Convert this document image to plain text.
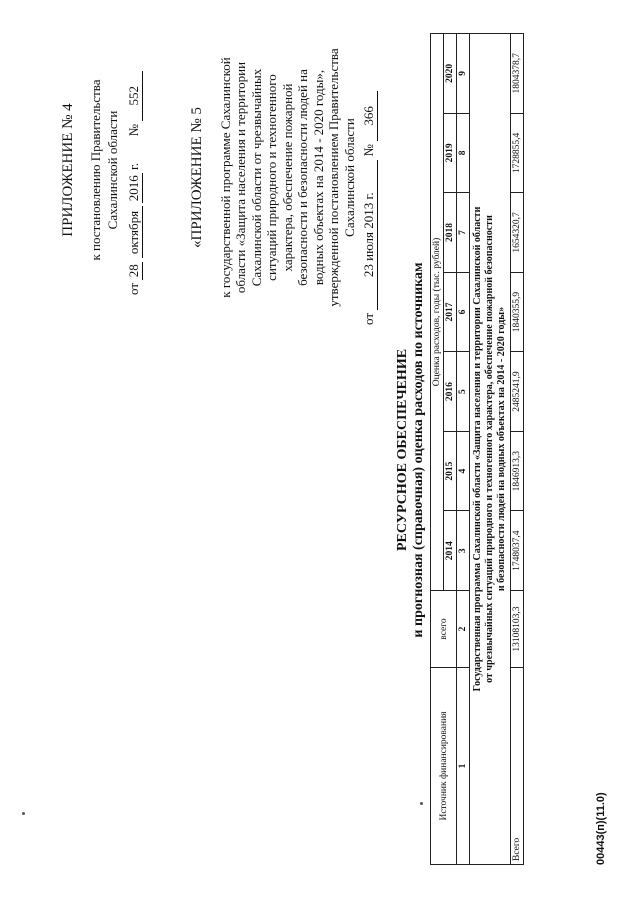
ПРИЛОЖЕНИЕ № 4 к постановлению Правительства Сахалинской области
от 28 октября 2016 г.  № 552
«ПРИЛОЖЕНИЕ № 5 к государственной программе Сахалинской области «Защита населения и территории Сахалинской области от чрезвычайных ситуаций природного и техногенного характера, обеспечение пожарной безопасности и безопасности людей на водных объектах на 2014 - 2020 годы», утвержденной постановлением Правительства Сахалинской области
от 23 июля 2013 г. № 366
РЕСУРСНОЕ ОБЕСПЕЧЕНИЕ и прогнозная (справочная) оценка расходов по источникам
Источник финансирования	всего	Оценка расходов, годы (тыс. рублей)						
		2014	2015	2016	2017	2018	2019	2020
1	2	3	4	5	6	7	8	9

Государственная программа Сахалинской области «Защита населения и территории Сахалинской области от чрезвычайных ситуаций природного и техногенного характера, обеспечение пожарной безопасности и безопасности людей на водных объектах на 2014 - 2020 годы»								

Всего	13108103,3	1748037,4	1846913,3	2485241,9	1840355,9	1654320,7	1728855,4	1804378,7
00443(п)(11.0)
